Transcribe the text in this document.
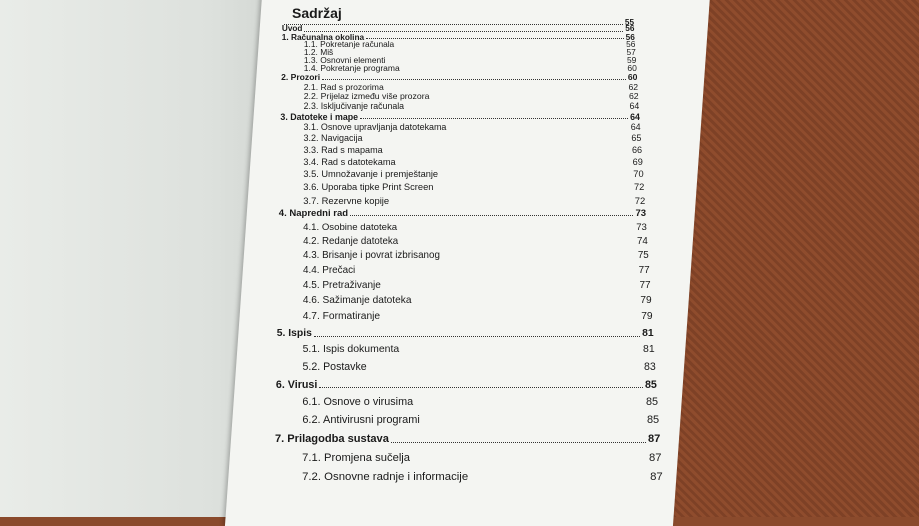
Sadržaj
55
Uvod	56
1. Računalna okolina	56
1.1. Pokretanje računala	56
1.2. Miš	57
1.3. Osnovni elementi	59
1.4. Pokretanje programa	60
2. Prozori	60
2.1. Rad s prozorima	62
2.2. Prijelaz između više prozora	62
2.3. Isključivanje računala	64
3. Datoteke i mape	64
3.1. Osnove upravljanja datotekama	64
3.2. Navigacija	65
3.3. Rad s mapama	66
3.4. Rad s datotekama	69
3.5. Umnožavanje i premještanje	70
3.6. Uporaba tipke Print Screen	72
3.7. Rezervne kopije	72
4. Napredni rad	73
4.1. Osobine datoteka	73
4.2. Redanje datoteka	74
4.3. Brisanje i povrat izbrisanog	75
4.4. Prečaci	77
4.5. Pretraživanje	77
4.6. Sažimanje datoteka	79
4.7. Formatiranje	79
5. Ispis	81
5.1. Ispis dokumenta	81
5.2. Postavke	83
6. Virusi	85
6.1. Osnove o virusima	85
6.2. Antivirusni programi	85
7. Prilagodba sustava	87
7.1. Promjena sučelja	87
7.2. Osnovne radnje i informacije	87
